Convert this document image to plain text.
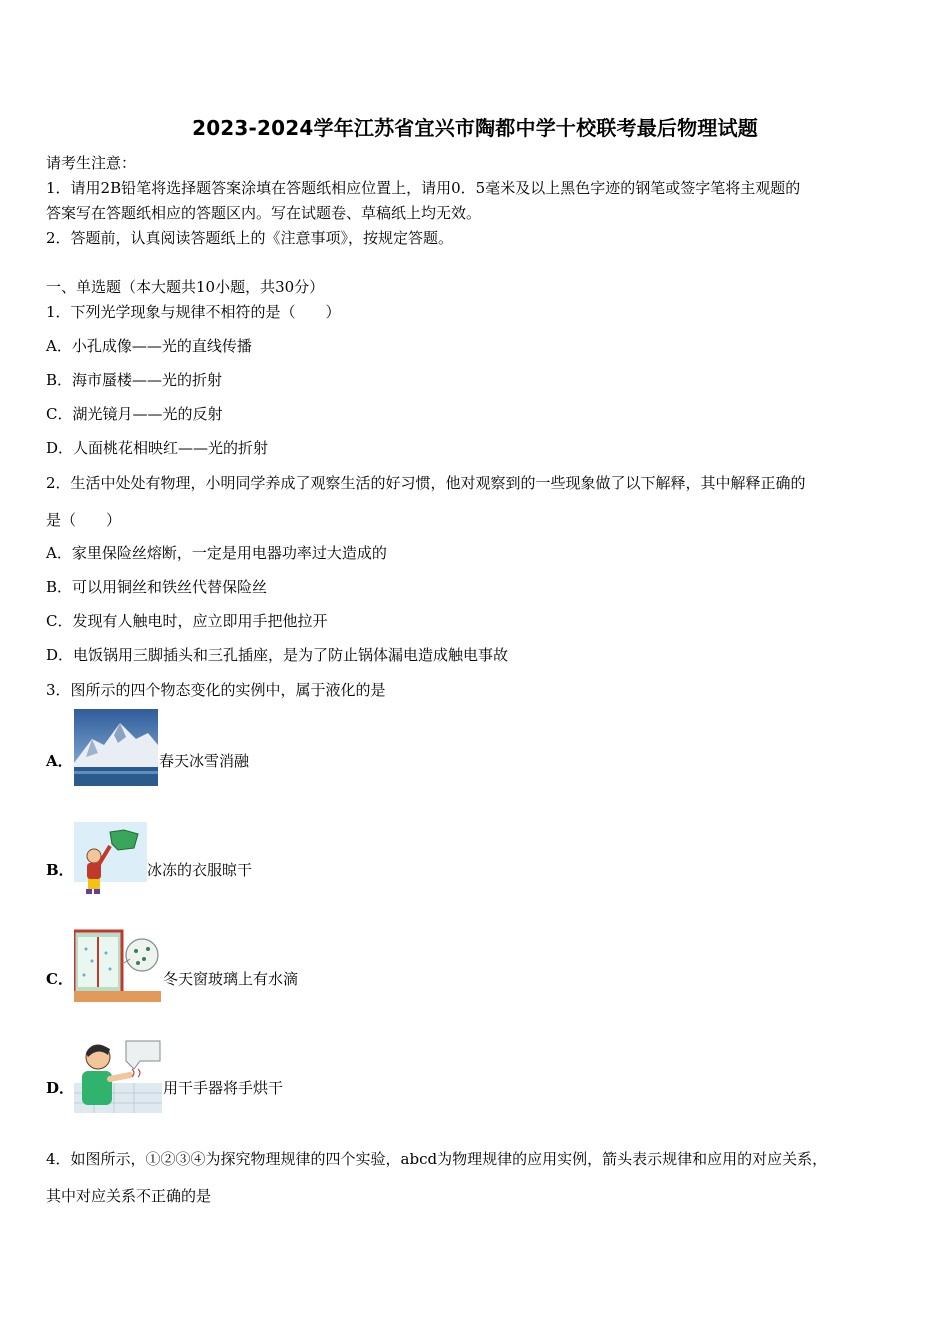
2023-2024学年江苏省宜兴市陶都中学十校联考最后物理试题
请考生注意：
1．请用2B铅笔将选择题答案涂填在答题纸相应位置上，请用0．5毫米及以上黑色字迹的钢笔或签字笔将主观题的
答案写在答题纸相应的答题区内。写在试题卷、草稿纸上均无效。
2．答题前，认真阅读答题纸上的《注意事项》，按规定答题。
一、单选题（本大题共10小题，共30分）
1．下列光学现象与规律不相符的是（　　）
A．小孔成像——光的直线传播
B．海市蜃楼——光的折射
C．湖光镜月——光的反射
D．人面桃花相映红——光的折射
2．生活中处处有物理，小明同学养成了观察生活的好习惯，他对观察到的一些现象做了以下解释，其中解释正确的
是（　　）
A．家里保险丝熔断，一定是用电器功率过大造成的
B．可以用铜丝和铁丝代替保险丝
C．发现有人触电时，应立即用手把他拉开
D．电饭锅用三脚插头和三孔插座，是为了防止锅体漏电造成触电事故
3．图所示的四个物态变化的实例中，属于液化的是
A．	春天冰雪消融
B．	冰冻的衣服晾干
C．	冬天窗玻璃上有水滴
D．	用干手器将手烘干
4．如图所示，①②③④为探究物理规律的四个实验，abcd为物理规律的应用实例，箭头表示规律和应用的对应关系，
其中对应关系不正确的是
